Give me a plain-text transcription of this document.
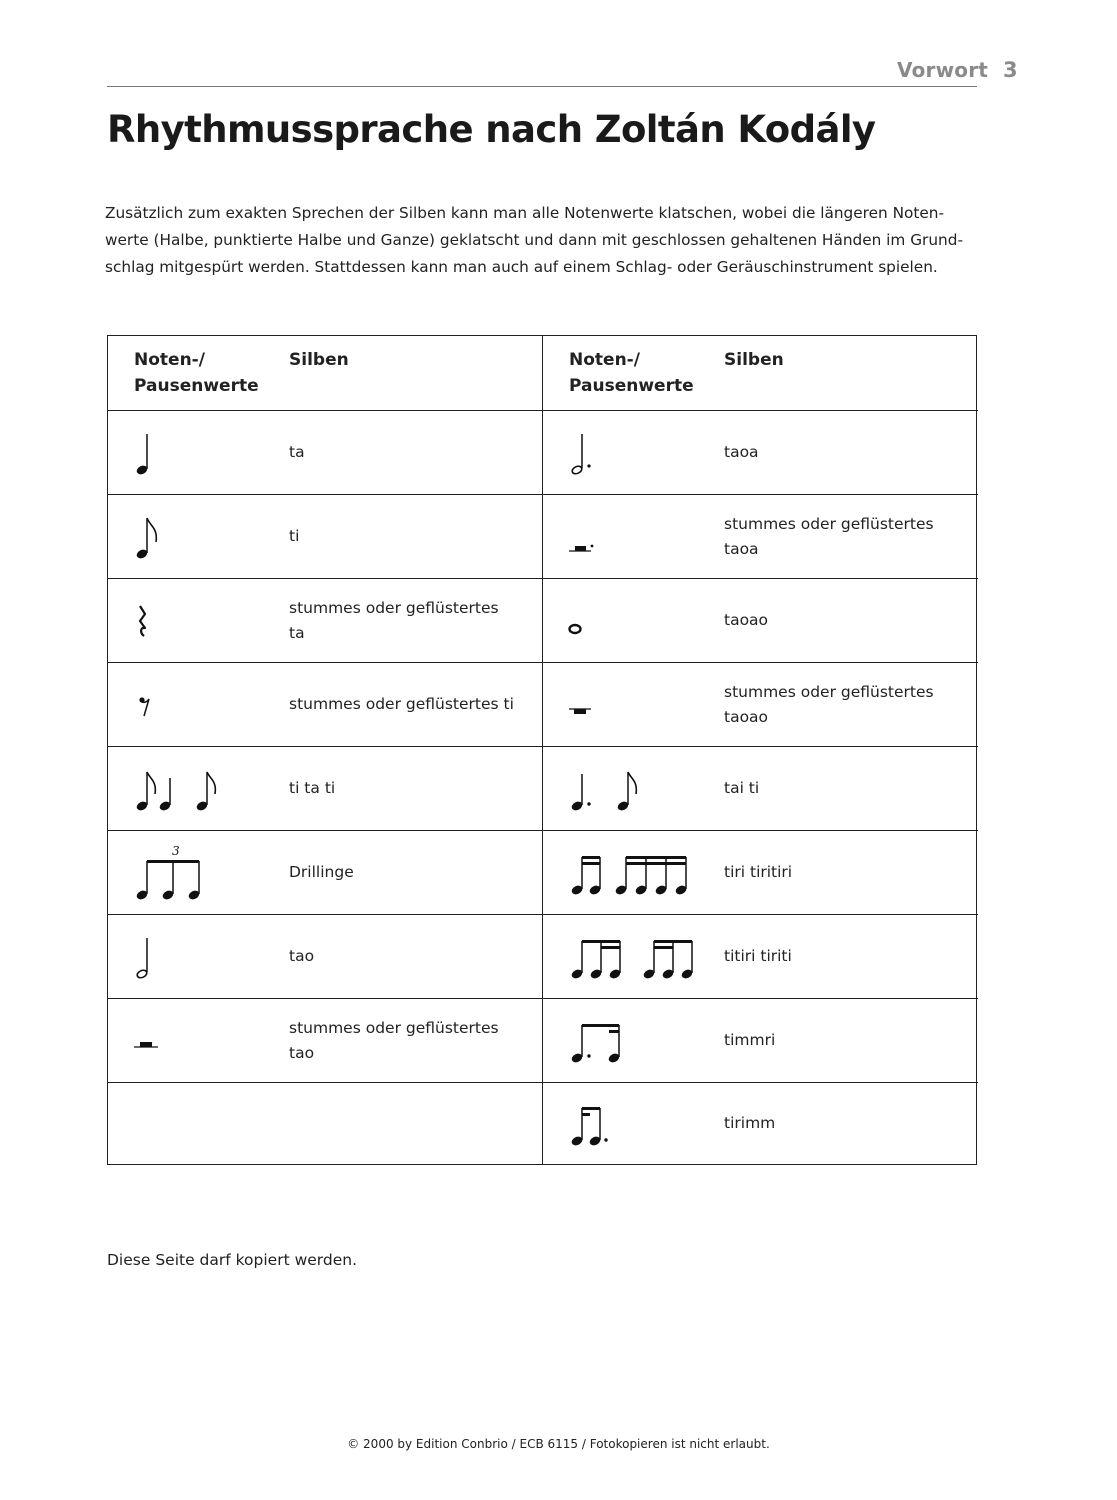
Vorwort 3
Rhythmussprache nach Zoltán Kodály

Zusätzlich zum exakten Sprechen der Silben kann man alle Notenwerte klatschen, wobei die längeren Noten-werte (Halbe, punktierte Halbe und Ganze) geklatscht und dann mit geschlossen gehaltenen Händen im Grund-schlag mitgespürt werden. Stattdessen kann man auch auf einem Schlag- oder Geräuschinstrument spielen.

Noten-/
Pausenwerte
Silben
ta
ti
stummes oder geflüstertes ta
stummes oder geflüstertes ti
ti ta ti
3
Drillinge
tao
stummes oder geflüstertes tao
Noten-/
Pausenwerte
Silben
taoa
stummes oder geflüstertes taoa
taoao
stummes oder geflüstertes taoao
tai ti
tiri tiritiri
titiri tiriti
timmri
tirimm
Diese Seite darf kopiert werden.
© 2000 by Edition Conbrio / ECB 6115 / Fotokopieren ist nicht erlaubt.
